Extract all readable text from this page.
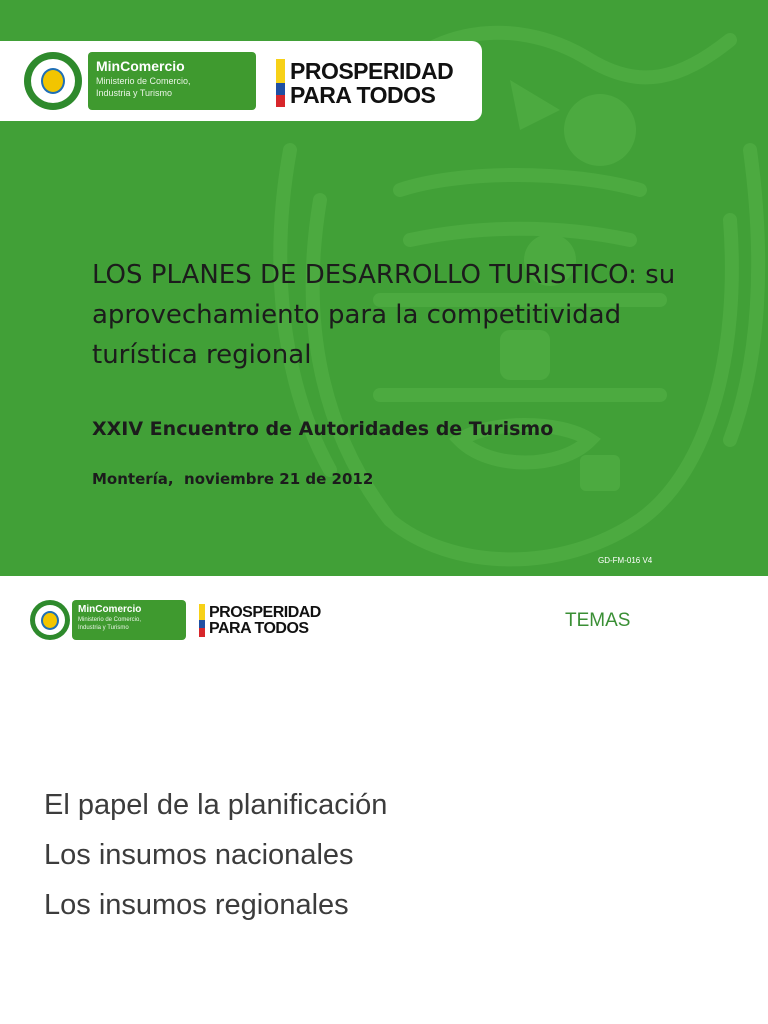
MinComercio
Ministerio de Comercio,
Industria y Turismo
PROSPERIDAD
PARA TODOS
LOS PLANES DE DESARROLLO TURISTICO: su aprovechamiento para la competitividad turística regional

XXIV Encuentro de Autoridades de Turismo

Montería,  noviembre 21 de 2012

GD-FM-016 V4
MinComercio
Ministerio de Comercio,
Industria y Turismo
PROSPERIDAD
PARA TODOS	TEMAS
El papel de la planificación
Los insumos nacionales
Los insumos regionales
